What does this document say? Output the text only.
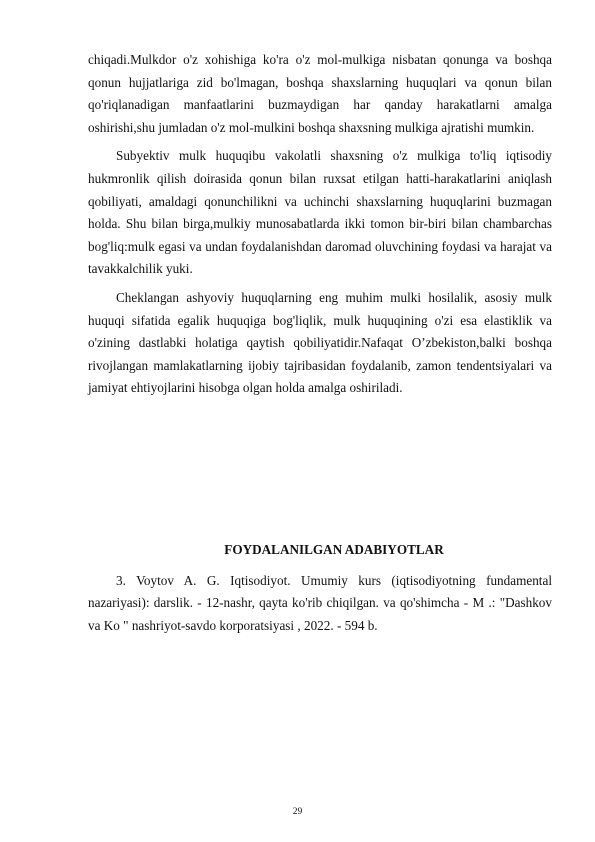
chiqadi.Mulkdor o'z xohishiga ko'ra o'z mol-mulkiga nisbatan qonunga va boshqa qonun hujjatlariga zid bo'lmagan, boshqa shaxslarning huquqlari va qonun bilan qo'riqlanadigan manfaatlarini buzmaydigan har qanday harakatlarni amalga oshirishi,shu jumladan o'z mol-mulkini boshqa shaxsning mulkiga ajratishi mumkin.

Subyektiv mulk huquqibu vakolatli shaxsning o'z mulkiga to'liq iqtisodiy hukmronlik qilish doirasida qonun bilan ruxsat etilgan hatti-harakatlarini aniqlash qobiliyati, amaldagi qonunchilikni va uchinchi shaxslarning huquqlarini buzmagan holda. Shu bilan birga,mulkiy munosabatlarda ikki tomon bir-biri bilan chambarchas bog'liq:mulk egasi va undan foydalanishdan daromad oluvchining foydasi va harajat va tavakkalchilik yuki.

Cheklangan ashyoviy huquqlarning eng muhim mulki hosilalik, asosiy mulk huquqi sifatida egalik huquqiga bog'liqlik, mulk huquqining o'zi esa elastiklik va o'zining dastlabki holatiga qaytish qobiliyatidir.Nafaqat O’zbekiston,balki boshqa rivojlangan mamlakatlarning ijobiy tajribasidan foydalanib, zamon tendentsiyalari va jamiyat ehtiyojlarini hisobga olgan holda amalga oshiriladi.

FOYDALANILGAN ADABIYOTLAR

3. Voytov A. G. Iqtisodiyot. Umumiy kurs (iqtisodiyotning fundamental nazariyasi): darslik. - 12-nashr, qayta ko'rib chiqilgan. va qo'shimcha - M .: "Dashkov va Ko " nashriyot-savdo korporatsiyasi , 2022. - 594 b.

29
